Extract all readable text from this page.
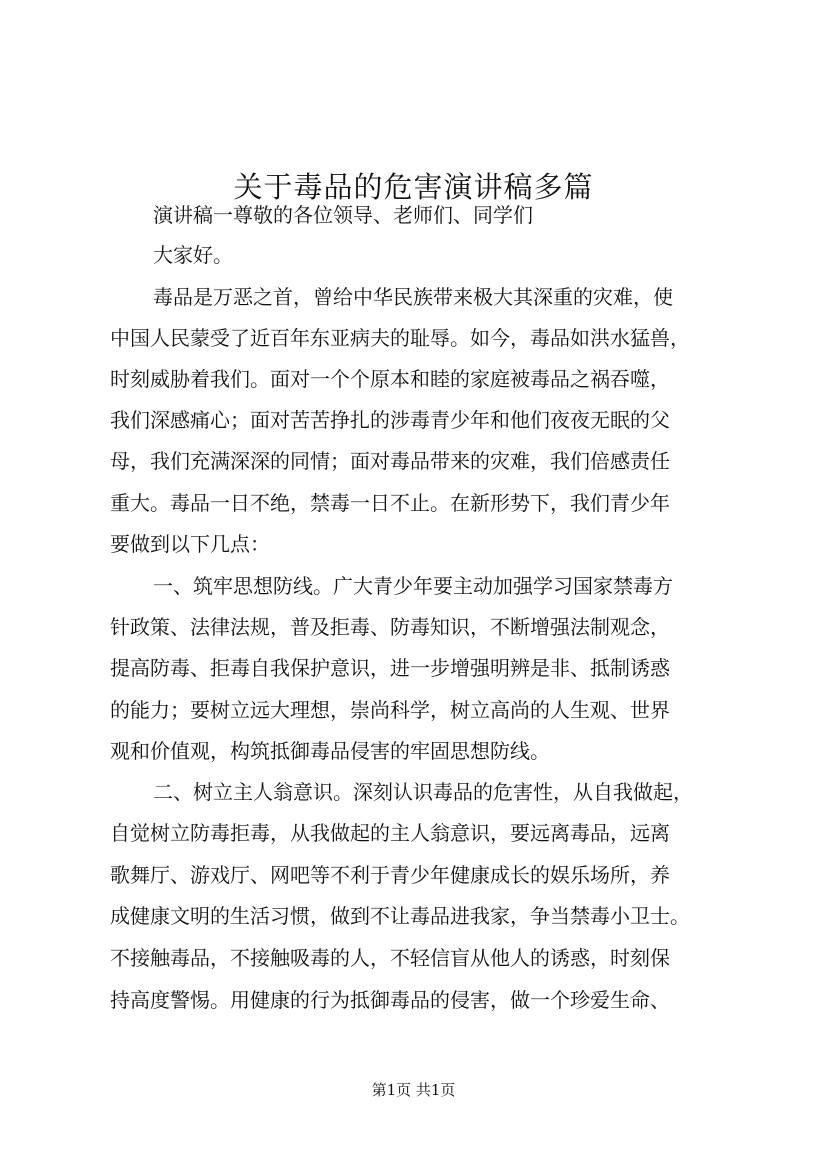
关于毒品的危害演讲稿多篇
演讲稿一尊敬的各位领导、老师们、同学们
大家好。
毒品是万恶之首，曾给中华民族带来极大其深重的灾难，使
中国人民蒙受了近百年东亚病夫的耻辱。如今，毒品如洪水猛兽，
时刻威胁着我们。面对一个个原本和睦的家庭被毒品之祸吞噬，
我们深感痛心；面对苦苦挣扎的涉毒青少年和他们夜夜无眠的父
母，我们充满深深的同情；面对毒品带来的灾难，我们倍感责任
重大。毒品一日不绝，禁毒一日不止。在新形势下，我们青少年
要做到以下几点：
一、筑牢思想防线。广大青少年要主动加强学习国家禁毒方
针政策、法律法规，普及拒毒、防毒知识，不断增强法制观念，
提高防毒、拒毒自我保护意识，进一步增强明辨是非、抵制诱惑
的能力；要树立远大理想，崇尚科学，树立高尚的人生观、世界
观和价值观，构筑抵御毒品侵害的牢固思想防线。
二、树立主人翁意识。深刻认识毒品的危害性，从自我做起，
自觉树立防毒拒毒，从我做起的主人翁意识，要远离毒品，远离
歌舞厅、游戏厅、网吧等不利于青少年健康成长的娱乐场所，养
成健康文明的生活习惯，做到不让毒品进我家，争当禁毒小卫士。
不接触毒品，不接触吸毒的人，不轻信盲从他人的诱惑，时刻保
持高度警惕。用健康的行为抵御毒品的侵害，做一个珍爱生命、
第1页 共1页
